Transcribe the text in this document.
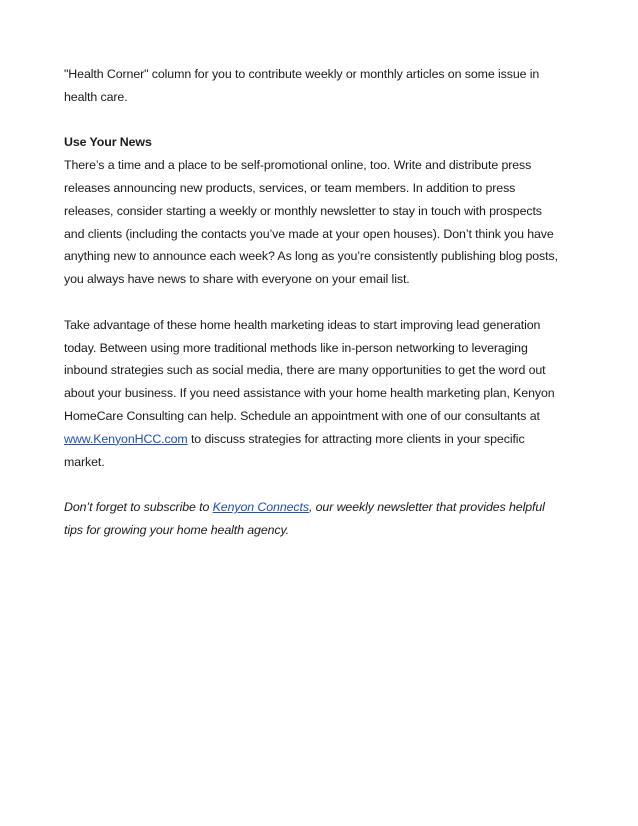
"Health Corner" column for you to contribute weekly or monthly articles on some issue in
health care.

Use Your News
There’s a time and a place to be self-promotional online, too. Write and distribute press
releases announcing new products, services, or team members. In addition to press
releases, consider starting a weekly or monthly newsletter to stay in touch with prospects
and clients (including the contacts you’ve made at your open houses). Don’t think you have
anything new to announce each week? As long as you’re consistently publishing blog posts,
you always have news to share with everyone on your email list.

Take advantage of these home health marketing ideas to start improving lead generation
today. Between using more traditional methods like in-person networking to leveraging
inbound strategies such as social media, there are many opportunities to get the word out
about your business. If you need assistance with your home health marketing plan, Kenyon
HomeCare Consulting can help. Schedule an appointment with one of our consultants at
www.KenyonHCC.com to discuss strategies for attracting more clients in your specific
market.

Don’t forget to subscribe to Kenyon Connects, our weekly newsletter that provides helpful
tips for growing your home health agency.
